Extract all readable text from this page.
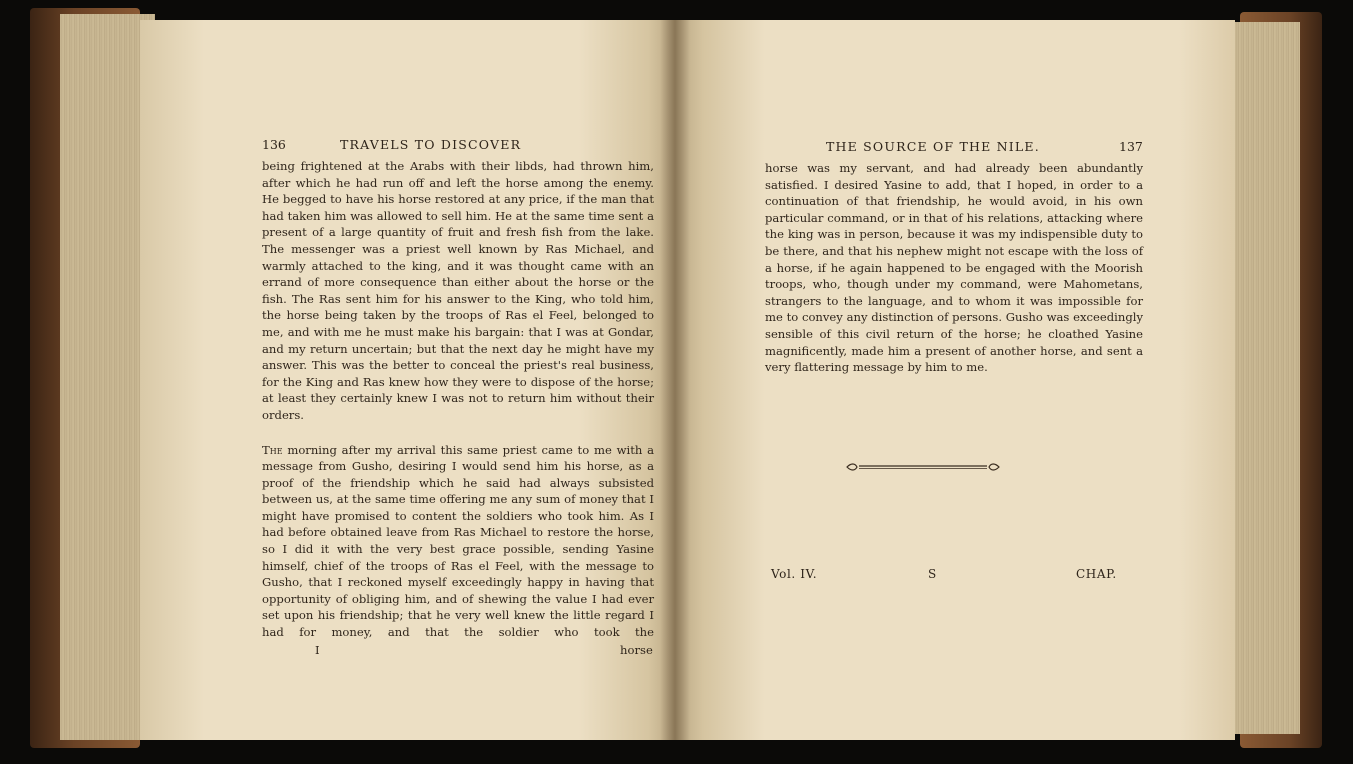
136	TRAVELS TO DISCOVER

being frightened at the Arabs with their libds, had thrown him, after which he had run off and left the horse among the enemy. He begged to have his horse restored at any price, if the man that had taken him was allowed to sell him. He at the same time sent a present of a large quantity of fruit and fresh fish from the lake. The messenger was a priest well known by Ras Michael, and warmly attached to the king, and it was thought came with an errand of more consequence than either about the horse or the fish. The Ras sent him for his answer to the King, who told him, the horse being taken by the troops of Ras el Feel, belonged to me, and with me he must make his bargain: that I was at Gondar, and my return uncertain; but that the next day he might have my answer. This was the better to conceal the priest's real business, for the King and Ras knew how they were to dispose of the horse; at least they certainly knew I was not to return him without their orders.

The morning after my arrival this same priest came to me with a message from Gusho, desiring I would send him his horse, as a proof of the friendship which he said had always subsisted between us, at the same time offering me any sum of money that I might have promised to content the soldiers who took him. As I had before obtained leave from Ras Michael to restore the horse, so I did it with the very best grace possible, sending Yasine himself, chief of the troops of Ras el Feel, with the message to Gusho, that I reckoned myself exceedingly happy in having that opportunity of obliging him, and of shewing the value I had ever set upon his friendship; that he very well knew the little regard I had for money, and that the soldier who took the

I	horse
THE SOURCE OF THE NILE.	137

horse was my servant, and had already been abundantly satisfied. I desired Yasine to add, that I hoped, in order to a continuation of that friendship, he would avoid, in his own particular command, or in that of his relations, attacking where the king was in person, because it was my indispensible duty to be there, and that his nephew might not escape with the loss of a horse, if he again happened to be engaged with the Moorish troops, who, though under my command, were Mahometans, strangers to the language, and to whom it was impossible for me to convey any distinction of persons. Gusho was exceedingly sensible of this civil return of the horse; he cloathed Yasine magnificently, made him a present of another horse, and sent a very flattering message by him to me.

Vol. IV.	S	CHAP.
